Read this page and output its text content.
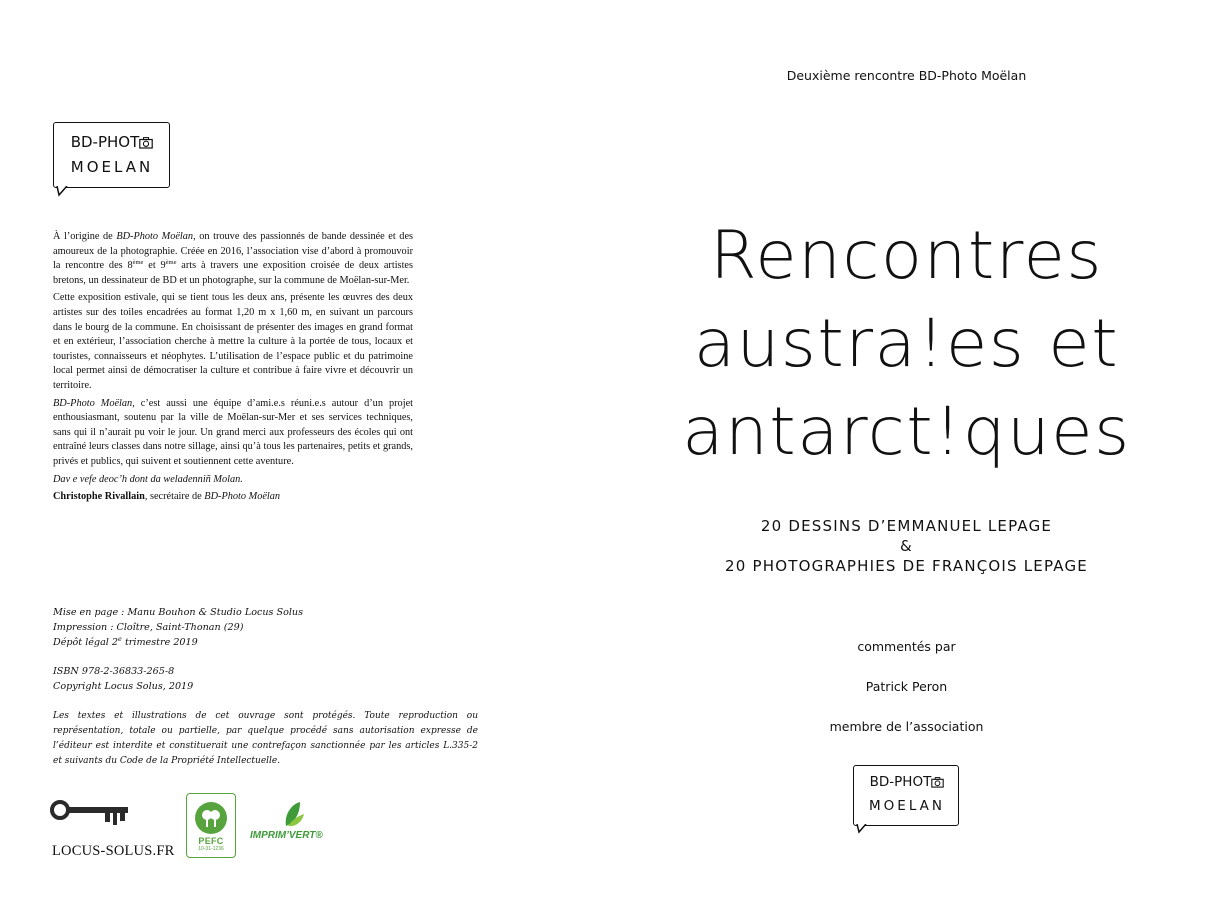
BD-PHOT
MOELAN

À l’origine de BD-Photo Moëlan, on trouve des passionnés de bande dessinée et des amoureux de la photographie. Créée en 2016, l’association vise d’abord à promouvoir la rencontre des 8ème et 9ème arts à travers une exposition croisée de deux artistes bretons, un dessinateur de BD et un photographe, sur la commune de Moëlan-sur-Mer.

Cette exposition estivale, qui se tient tous les deux ans, présente les œuvres des deux artistes sur des toiles encadrées au format 1,20 m x 1,60 m, en suivant un parcours dans le bourg de la commune. En choisissant de présenter des images en grand format et en extérieur, l’association cherche à mettre la culture à la portée de tous, locaux et touristes, connaisseurs et néophytes. L’utilisation de l’espace public et du patrimoine local permet ainsi de démocratiser la culture et contribue à faire vivre et découvrir un territoire.

BD-Photo Moëlan, c’est aussi une équipe d’ami.e.s réuni.e.s autour d’un projet enthousiasmant, soutenu par la ville de Moëlan-sur-Mer et ses services techniques, sans qui il n’aurait pu voir le jour. Un grand merci aux professeurs des écoles qui ont entraîné leurs classes dans notre sillage, ainsi qu’à tous les partenaires, petits et grands, privés et publics, qui suivent et soutiennent cette aventure.

Dav e vefe deoc’h dont da weladenniñ Molan.

Christophe Rivallain, secrétaire de BD-Photo Moëlan

Mise en page : Manu Bouhon & Studio Locus Solus
Impression : Cloître, Saint-Thonan (29)
Dépôt légal 2e trimestre 2019
ISBN 978-2-36833-265-8
Copyright Locus Solus, 2019
Les textes et illustrations de cet ouvrage sont protégés. Toute reproduction ou représentation, totale ou partielle, par quelque procédé sans autorisation expresse de l’éditeur est interdite et constituerait une contrefaçon sanctionnée par les articles L.335-2 et suivants du Code de la Propriété Intellectuelle.
LOCUS-SOLUS.FR
PEFC
10-31-1236
IMPRIM’VERT®
Deuxième rencontre BD-Photo Moëlan
Rencontres
austra!es et
antarct!ques
20 DESSINS D’EMMANUEL LEPAGE
&
20 PHOTOGRAPHIES DE FRANÇOIS LEPAGE
commentés par
Patrick Peron
membre de l’association
BD-PHOT
MOELAN
